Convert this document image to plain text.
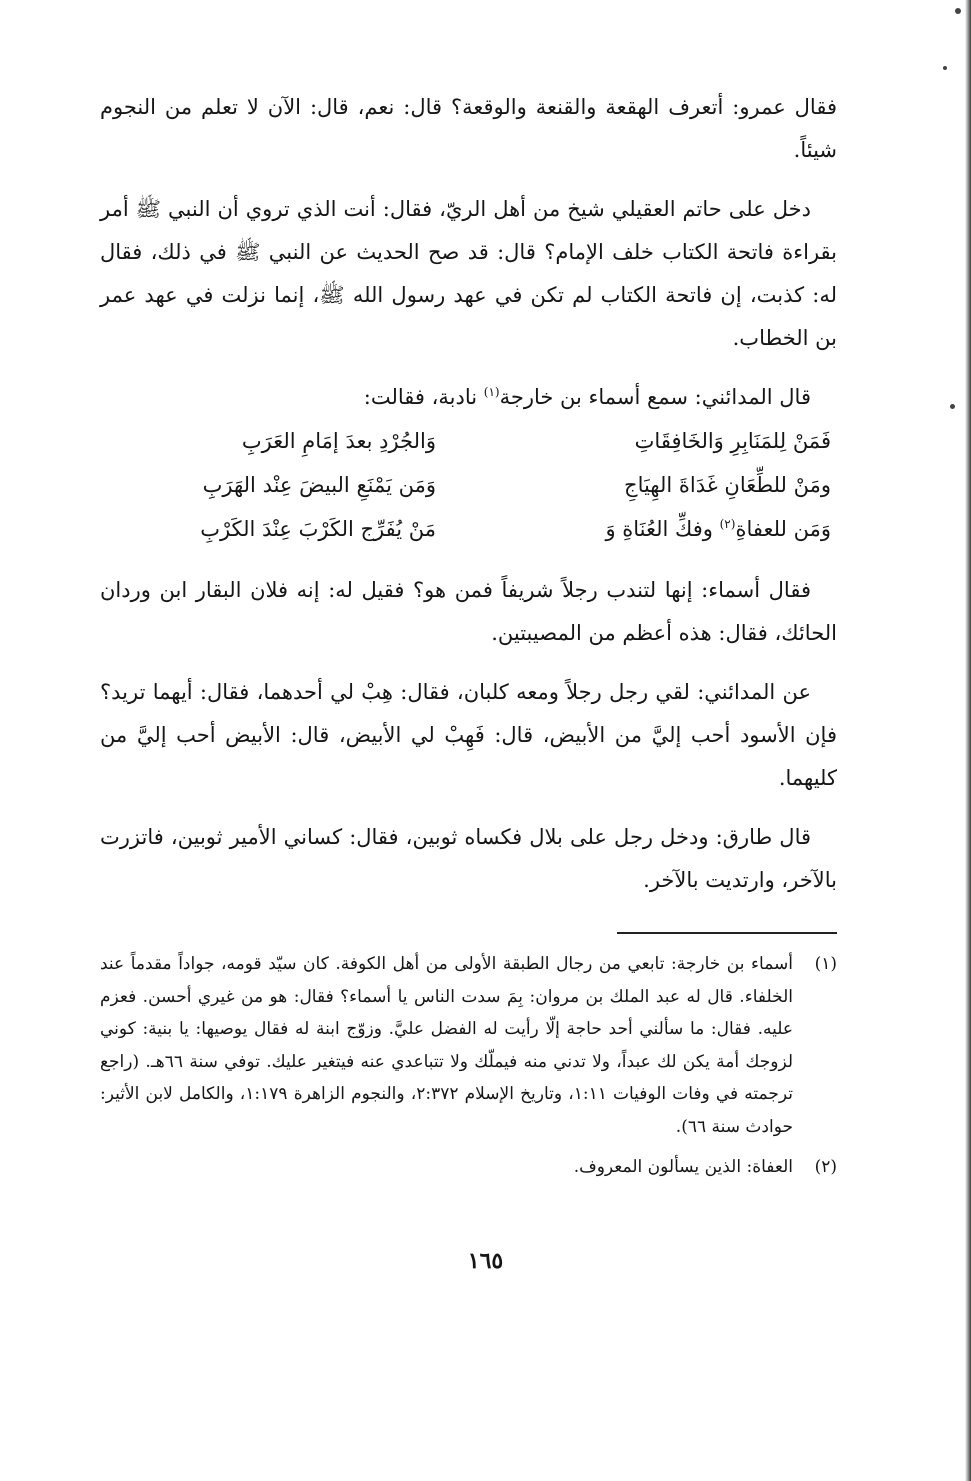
فقال عمرو: أتعرف الهقعة والقنعة والوقعة؟ قال: نعم، قال: الآن لا تعلم من النجوم شيئاً.

دخل على حاتم العقيلي شيخ من أهل الريّ، فقال: أنت الذي تروي أن النبي ﷺ أمر بقراءة فاتحة الكتاب خلف الإمام؟ قال: قد صح الحديث عن النبي ﷺ في ذلك، فقال له: كذبت، إن فاتحة الكتاب لم تكن في عهد رسول الله ﷺ، إنما نزلت في عهد عمر بن الخطاب.

قال المدائني: سمع أسماء بن خارجة$^{(١)}$ نادبة، فقالت:

فَمَنْ لِلمَنَابِرِ وَالخَافِقَاتِ
وَالجُرْدِ بعدَ إمَامِ العَرَبِ
ومَنْ للطِّعَانِ غَدَاةَ الهِيَاجِ
وَمَن يَمْنَعِ البيضَ عِنْد الهَرَبِ
وَمَن للعفاةِ$^{(٢)}$ وفكِّ العُنَاةِ وَ
مَنْ يُفَرِّج الكَرْبَ عِنْدَ الكَرْبِ

فقال أسماء: إنها لتندب رجلاً شريفاً فمن هو؟ فقيل له: إنه فلان البقار ابن وردان الحائك، فقال: هذه أعظم من المصيبتين.

عن المدائني: لقي رجل رجلاً ومعه كلبان، فقال: هِبْ لي أحدهما، فقال: أيهما تريد؟ فإن الأسود أحب إليَّ من الأبيض، قال: فَهِبْ لي الأبيض، قال: الأبيض أحب إليَّ من كليهما.

قال طارق: ودخل رجل على بلال فكساه ثوبين، فقال: كساني الأمير ثوبين، فاتزرت بالآخر، وارتديت بالآخر.

(١)
أسماء بن خارجة: تابعي من رجال الطبقة الأولى من أهل الكوفة. كان سيّد قومه، جواداً مقدماً عند الخلفاء. قال له عبد الملك بن مروان: بِمَ سدت الناس يا أسماء؟ فقال: هو من غيري أحسن. فعزم عليه. فقال: ما سألني أحد حاجة إلّا رأيت له الفضل عليَّ. وزوّج ابنة له فقال يوصيها: يا بنية: كوني لزوجك أمة يكن لك عبداً، ولا تدني منه فيملّك ولا تتباعدي عنه فيتغير عليك. توفي سنة ٦٦هـ. (راجع ترجمته في وفات الوفيات ١:١١، وتاريخ الإسلام ٢:٣٧٢، والنجوم الزاهرة ١:١٧٩، والكامل لابن الأثير: حوادث سنة ٦٦).
(٢)
العفاة: الذين يسألون المعروف.
١٦٥
